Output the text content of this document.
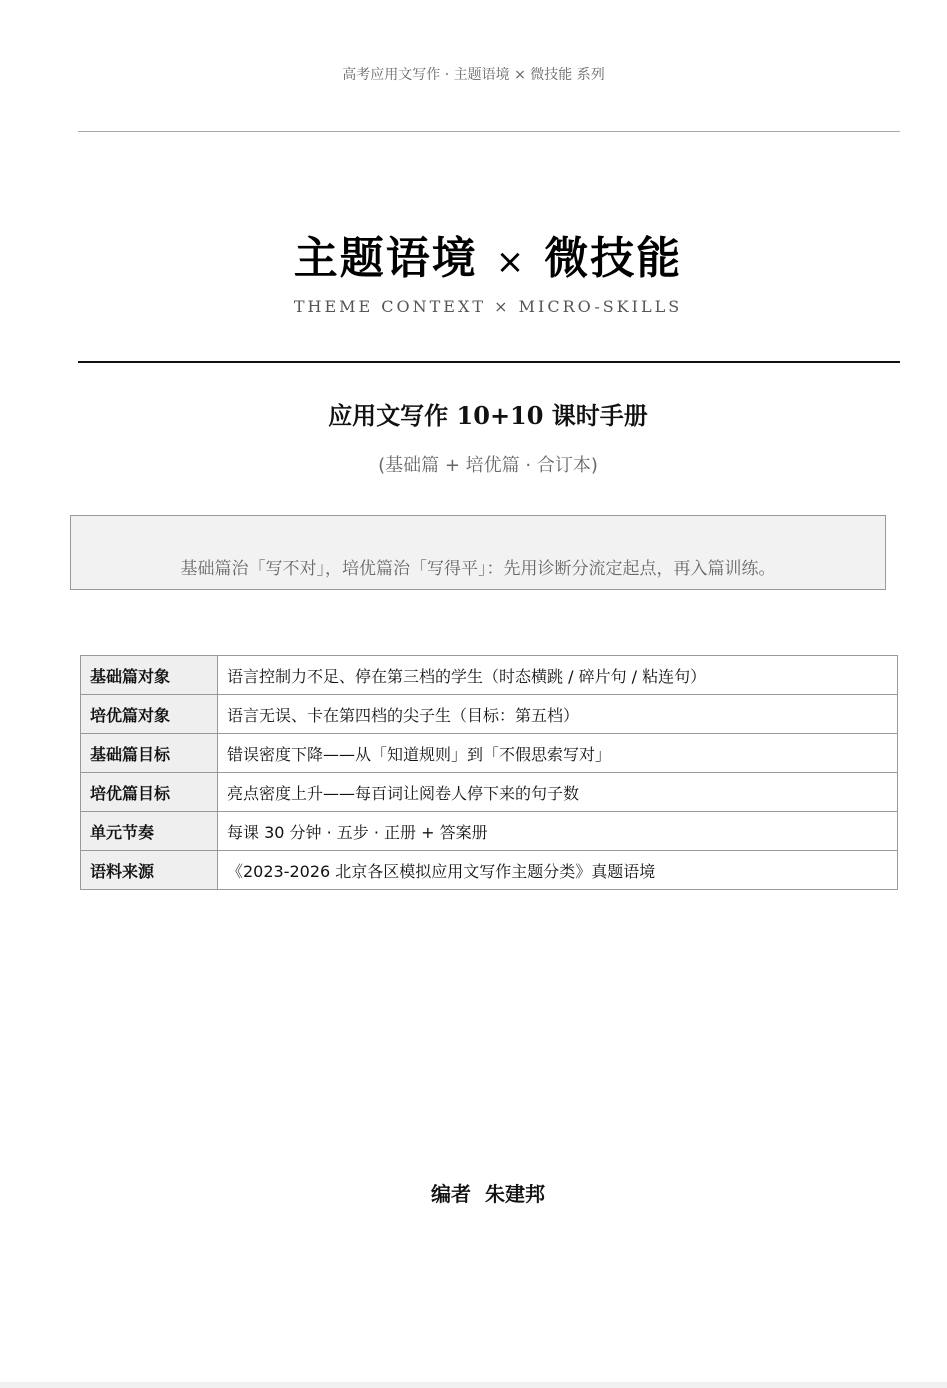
高考应用文写作 · 主题语境 × 微技能 系列
主题语境 × 微技能
THEME CONTEXT × MICRO-SKILLS
应用文写作 10+10 课时手册
(基础篇 + 培优篇 · 合订本)
基础篇治「写不对」，培优篇治「写得平」：先用诊断分流定起点，再入篇训练。
基础篇对象	语言控制力不足、停在第三档的学生（时态横跳 / 碎片句 / 粘连句）
培优篇对象	语言无误、卡在第四档的尖子生（目标：第五档）
基础篇目标	错误密度下降——从「知道规则」到「不假思索写对」
培优篇目标	亮点密度上升——每百词让阅卷人停下来的句子数
单元节奏	每课 30 分钟 · 五步 · 正册 + 答案册
语料来源	《2023-2026 北京各区模拟应用文写作主题分类》真题语境
编者 朱建邦
